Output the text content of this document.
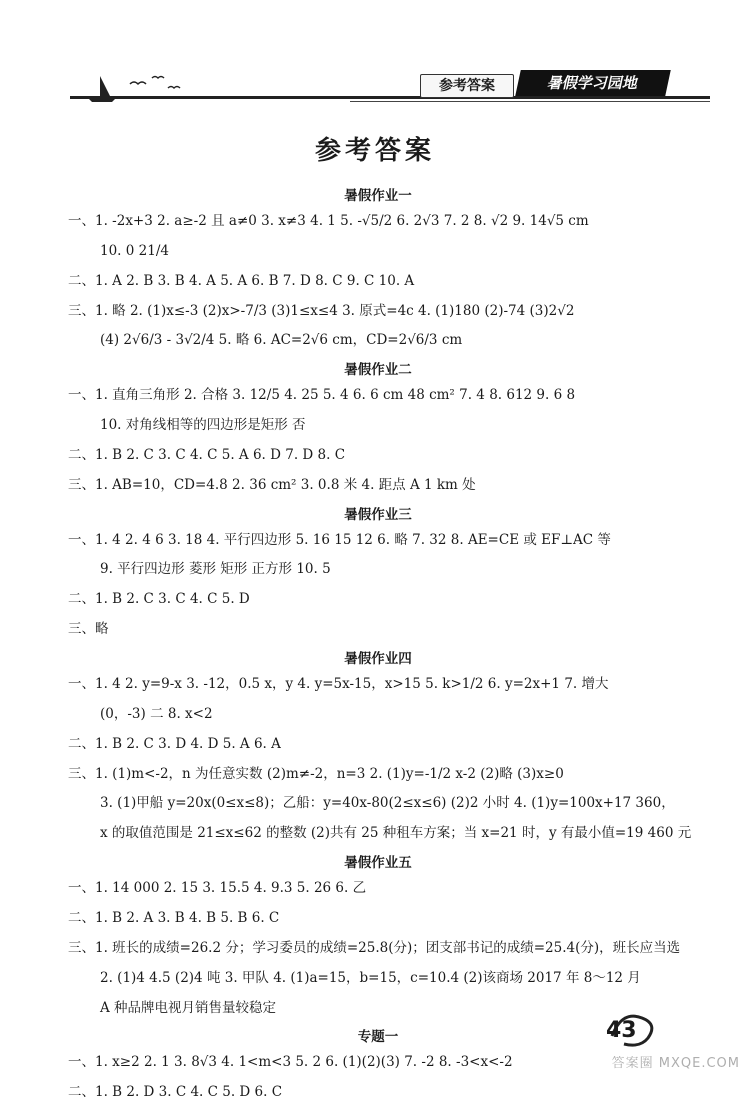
参考答案	暑假学习园地
参考答案
暑假作业一
一、1. -2x+3 2. a≥-2 且 a≠0 3. x≠3 4. 1 5. -√5/2 6. 2√3 7. 2 8. √2 9. 14√5 cm
10. 0 21/4
二、1. A 2. B 3. B 4. A 5. A 6. B 7. D 8. C 9. C 10. A
三、1. 略 2. (1)x≤-3 (2)x>-7/3 (3)1≤x≤4 3. 原式=4c 4. (1)180 (2)-74 (3)2√2
(4) 2√6/3 - 3√2/4 5. 略 6. AC=2√6 cm，CD=2√6/3 cm
暑假作业二
一、1. 直角三角形 2. 合格 3. 12/5 4. 25 5. 4 6. 6 cm 48 cm² 7. 4 8. 612 9. 6 8
10. 对角线相等的四边形是矩形 否
二、1. B 2. C 3. C 4. C 5. A 6. D 7. D 8. C
三、1. AB=10，CD=4.8 2. 36 cm² 3. 0.8 米 4. 距点 A 1 km 处
暑假作业三
一、1. 4 2. 4 6 3. 18 4. 平行四边形 5. 16 15 12 6. 略 7. 32 8. AE=CE 或 EF⊥AC 等
9. 平行四边形 菱形 矩形 正方形 10. 5
二、1. B 2. C 3. C 4. C 5. D
三、略
暑假作业四
一、1. 4 2. y=9-x 3. -12，0.5 x，y 4. y=5x-15，x>15 5. k>1/2 6. y=2x+1 7. 增大
(0，-3) 二 8. x<2
二、1. B 2. C 3. D 4. D 5. A 6. A
三、1. (1)m<-2，n 为任意实数 (2)m≠-2，n=3 2. (1)y=-1/2 x-2 (2)略 (3)x≥0
3. (1)甲船 y=20x(0≤x≤8)；乙船：y=40x-80(2≤x≤6) (2)2 小时 4. (1)y=100x+17 360，
x 的取值范围是 21≤x≤62 的整数 (2)共有 25 种租车方案；当 x=21 时，y 有最小值=19 460 元
暑假作业五
一、1. 14 000 2. 15 3. 15.5 4. 9.3 5. 26 6. 乙
二、1. B 2. A 3. B 4. B 5. B 6. C
三、1. 班长的成绩=26.2 分；学习委员的成绩=25.8(分)；团支部书记的成绩=25.4(分)，班长应当选
2. (1)4 4.5 (2)4 吨 3. 甲队 4. (1)a=15，b=15，c=10.4 (2)该商场 2017 年 8～12 月
A 种品牌电视月销售量较稳定
专题一
一、1. x≥2 2. 1 3. 8√3 4. 1<m<3 5. 2 6. (1)(2)(3) 7. -2 8. -3<x<-2
二、1. B 2. D 3. C 4. C 5. D 6. C
43
答案圈 MXQE.COM
